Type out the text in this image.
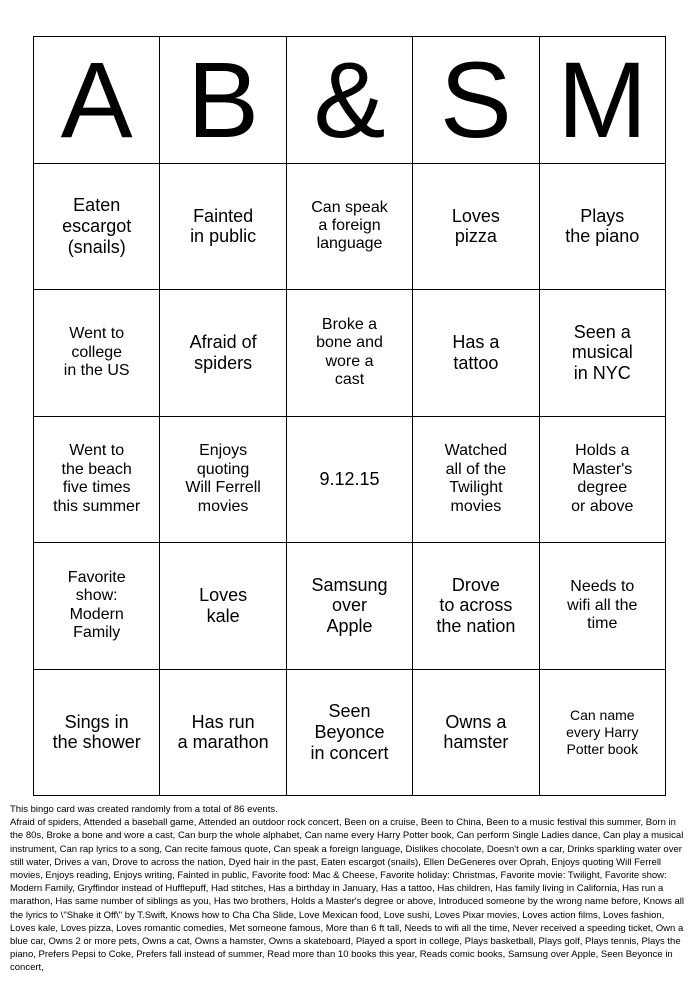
A B & S M
Eaten
escargot
(snails)
Fainted
in public
Can speak
a foreign
language
Loves
pizza
Plays
the piano
Went to
college
in the US
Afraid of
spiders
Broke a
bone and
wore a
cast
Has a
tattoo
Seen a
musical
in NYC
Went to
the beach
five times
this summer
Enjoys
quoting
Will Ferrell
movies
9.12.15
Watched
all of the
Twilight
movies
Holds a
Master's
degree
or above
Favorite
show:
Modern
Family
Loves
kale
Samsung
over
Apple
Drove
to across
the nation
Needs to
wifi all the
time
Sings in
the shower
Has run
a marathon
Seen
Beyonce
in concert
Owns a
hamster
Can name
every Harry
Potter book

This bingo card was created randomly from a total of 86 events.

Afraid of spiders, Attended a baseball game, Attended an outdoor rock concert, Been on a cruise, Been to China, Been to a music festival this summer, Born in the 80s, Broke a bone and wore a cast, Can burp the whole alphabet, Can name every Harry Potter book, Can perform Single Ladies dance, Can play a musical instrument, Can rap lyrics to a song, Can recite famous quote, Can speak a foreign language, Dislikes chocolate, Doesn't own a car, Drinks sparkling water over still water, Drives a van, Drove to across the nation, Dyed hair in the past, Eaten escargot (snails), Ellen DeGeneres over Oprah, Enjoys quoting Will Ferrell movies, Enjoys reading, Enjoys writing, Fainted in public, Favorite food: Mac & Cheese, Favorite holiday: Christmas, Favorite movie: Twilight, Favorite show: Modern Family, Gryffindor instead of Hufflepuff, Had stitches, Has a birthday in January, Has a tattoo, Has children, Has family living in California, Has run a marathon, Has same number of siblings as you, Has two brothers, Holds a Master's degree or above, Introduced someone by the wrong name before, Knows all the lyrics to \"Shake it Off\" by T.Swift, Knows how to Cha Cha Slide, Love Mexican food, Love sushi, Loves Pixar movies, Loves action films, Loves fashion, Loves kale, Loves pizza, Loves romantic comedies, Met someone famous, More than 6 ft tall, Needs to wifi all the time, Never received a speeding ticket, Own a blue car, Owns 2 or more pets, Owns a cat, Owns a hamster, Owns a skateboard, Played a sport in college, Plays basketball, Plays golf, Plays tennis, Plays the piano, Prefers Pepsi to Coke, Prefers fall instead of summer, Read more than 10 books this year, Reads comic books, Samsung over Apple, Seen Beyonce in concert,
